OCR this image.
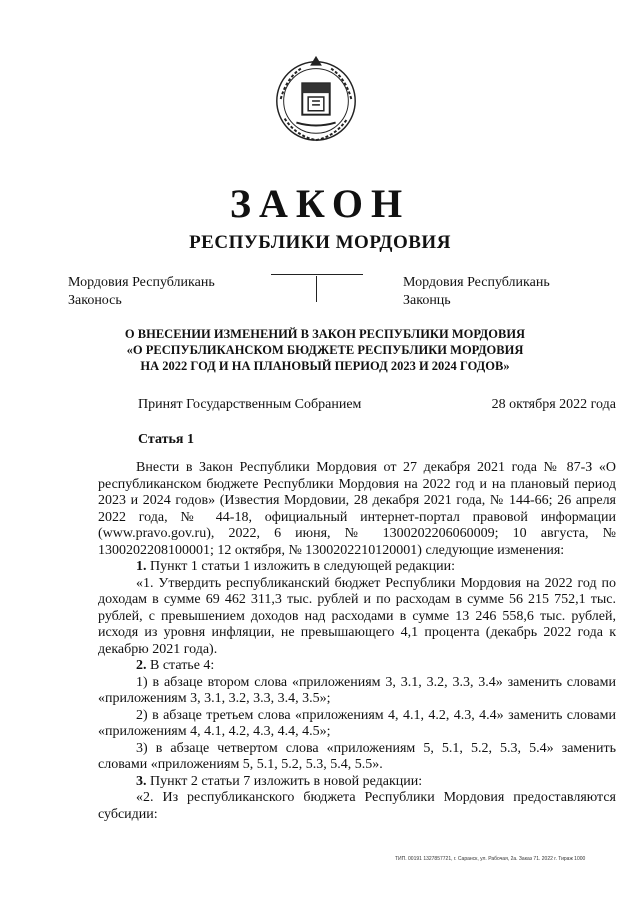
ЗАКОН
РЕСПУБЛИКИ МОРДОВИЯ
Мордовия Республикань
Законось
Мордовия Республикань
Законць
О ВНЕСЕНИИ ИЗМЕНЕНИЙ В ЗАКОН РЕСПУБЛИКИ МОРДОВИЯ
«О РЕСПУБЛИКАНСКОМ БЮДЖЕТЕ РЕСПУБЛИКИ МОРДОВИЯ
НА 2022 ГОД И НА ПЛАНОВЫЙ ПЕРИОД 2023 И 2024 ГОДОВ»
Принят Государственным Собранием	28 октября 2022 года
Статья 1

Внести в Закон Республики Мордовия от 27 декабря 2021 года № 87-З «О республиканском бюджете Республики Мордовия на 2022 год и на плановый период 2023 и 2024 годов» (Известия Мордовии, 28 декабря 2021 года, № 144-66; 26 апреля 2022 года, № 44-18, официальный интернет-портал правовой информации (www.pravo.gov.ru), 2022, 6 июня, № 1300202206060009; 10 августа, № 1300202208100001; 12 октября, № 1300202210120001) следующие изменения:

1. Пункт 1 статьи 1 изложить в следующей редакции:

«1. Утвердить республиканский бюджет Республики Мордовия на 2022 год по доходам в сумме 69 462 311,3 тыс. рублей и по расходам в сумме 56 215 752,1 тыс. рублей, с превышением доходов над расходами в сумме 13 246 558,6 тыс. рублей, исходя из уровня инфляции, не превышающего 4,1 процента (декабрь 2022 года к декабрю 2021 года).

2. В статье 4:

1) в абзаце втором слова «приложениям 3, 3.1, 3.2, 3.3, 3.4» заменить словами «приложениям 3, 3.1, 3.2, 3.3, 3.4, 3.5»;

2) в абзаце третьем слова «приложениям 4, 4.1, 4.2, 4.3, 4.4» заменить словами «приложениям 4, 4.1, 4.2, 4.3, 4.4, 4.5»;

3) в абзаце четвертом слова «приложениям 5, 5.1, 5.2, 5.3, 5.4» заменить словами «приложениям 5, 5.1, 5.2, 5.3, 5.4, 5.5».

3. Пункт 2 статьи 7 изложить в новой редакции:

«2. Из республиканского бюджета Республики Мордовия предоставляются субсидии:

ТИП. 00191 1327857721, г. Саранск, ул. Рабочая, 2а. Заказ 71. 2022 г. Тираж 1000
